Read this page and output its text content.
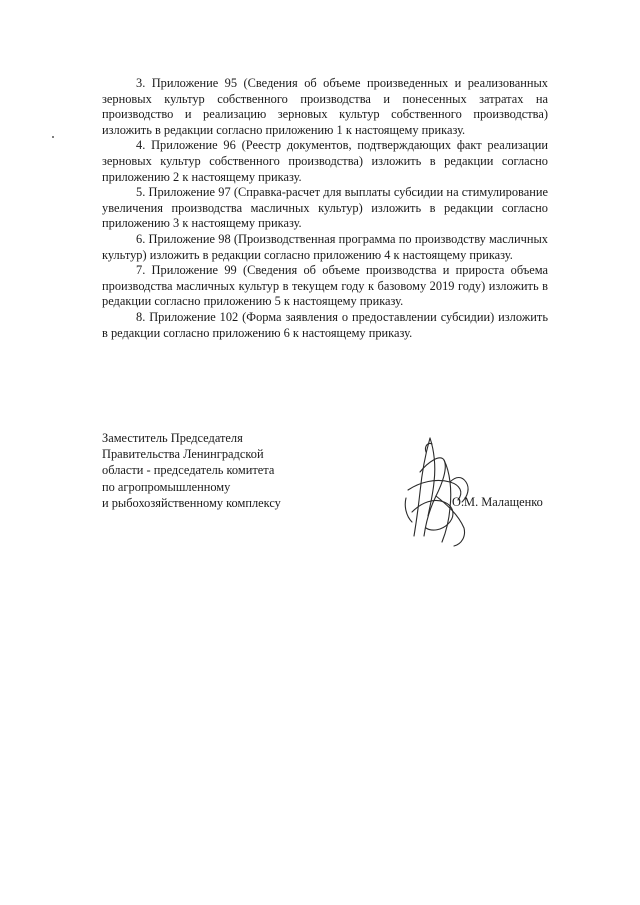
3. Приложение 95 (Сведения об объеме произведенных и реализованных зерновых культур собственного производства и понесенных затратах на производство и реализацию зерновых культур собственного производства) изложить в редакции согласно приложению 1 к настоящему приказу.

4. Приложение 96 (Реестр документов, подтверждающих факт реализации зерновых культур собственного производства) изложить в редакции согласно приложению 2 к настоящему приказу.

5. Приложение 97 (Справка-расчет для выплаты субсидии на стимулирование увеличения производства масличных культур) изложить в редакции согласно приложению 3 к настоящему приказу.

6. Приложение 98 (Производственная программа по производству масличных культур) изложить в редакции согласно приложению 4 к настоящему приказу.

7. Приложение 99 (Сведения об объеме производства и прироста объема производства масличных культур в текущем году к базовому 2019 году) изложить в редакции согласно приложению 5 к настоящему приказу.

8. Приложение 102 (Форма заявления о предоставлении субсидии) изложить в редакции согласно приложению 6 к настоящему приказу.

Заместитель Председателя
Правительства Ленинградской
области - председатель комитета
по агропромышленному
и рыбохозяйственному комплексу	О.М. Малащенко
